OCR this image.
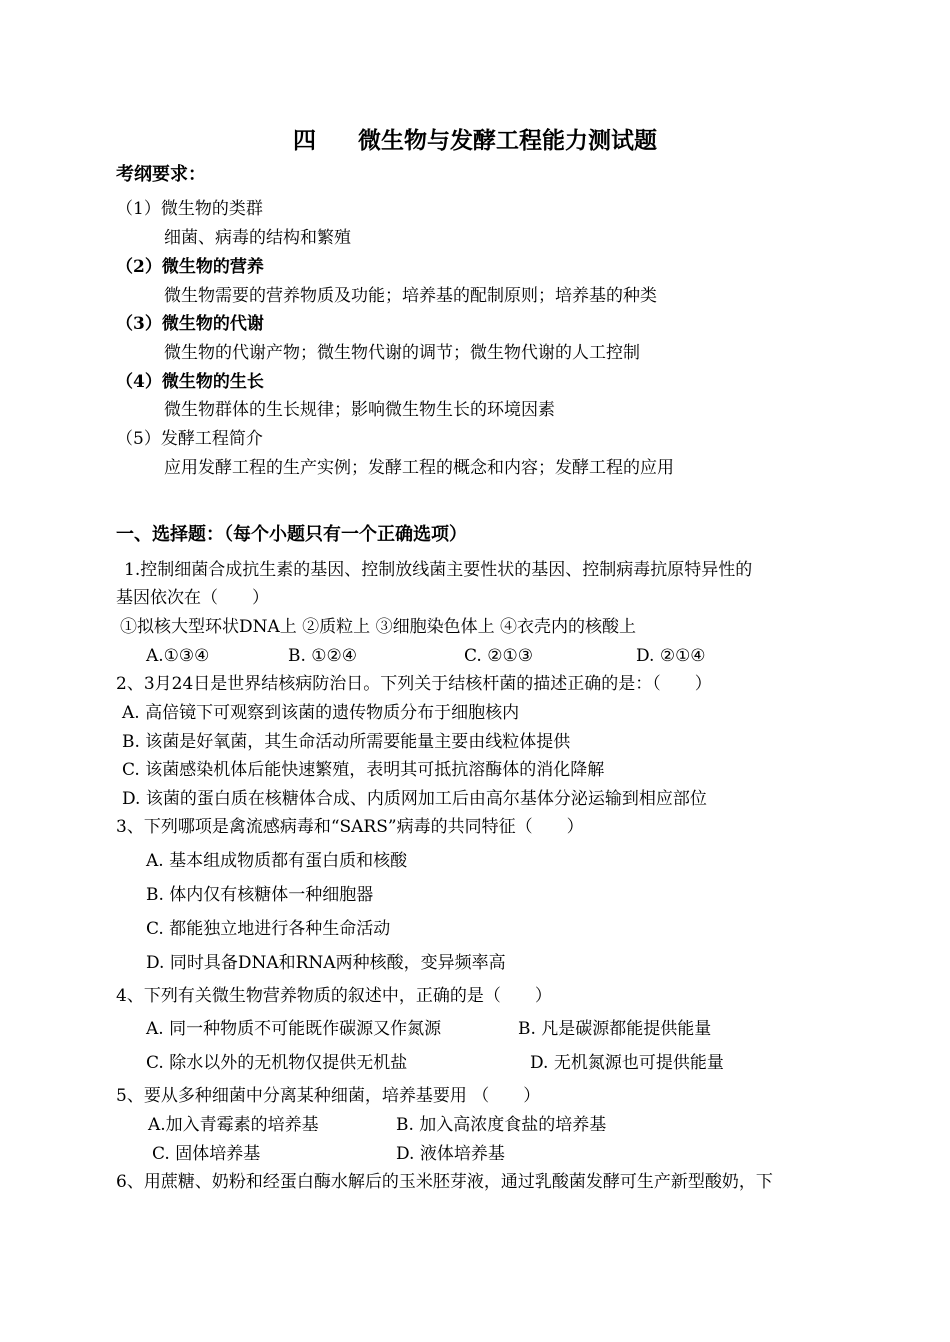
四 微生物与发酵工程能力测试题
考纲要求：
（1）微生物的类群
细菌、病毒的结构和繁殖
（2）微生物的营养
微生物需要的营养物质及功能；培养基的配制原则；培养基的种类
（3）微生物的代谢
微生物的代谢产物；微生物代谢的调节；微生物代谢的人工控制
（4）微生物的生长
微生物群体的生长规律；影响微生物生长的环境因素
（5）发酵工程简介
应用发酵工程的生产实例；发酵工程的概念和内容；发酵工程的应用
一、选择题：（每个小题只有一个正确选项）
1.控制细菌合成抗生素的基因、控制放线菌主要性状的基因、控制病毒抗原特异性的
基因依次在（　　）
①拟核大型环状DNA上 ②质粒上 ③细胞染色体上 ④衣壳内的核酸上
A.①③④	B. ①②④	C. ②①③	D. ②①④
2、3月24日是世界结核病防治日。下列关于结核杆菌的描述正确的是：（　　）
A. 高倍镜下可观察到该菌的遗传物质分布于细胞核内
B. 该菌是好氧菌，其生命活动所需要能量主要由线粒体提供
C. 该菌感染机体后能快速繁殖，表明其可抵抗溶酶体的消化降解
D. 该菌的蛋白质在核糖体合成、内质网加工后由高尔基体分泌运输到相应部位
3、下列哪项是禽流感病毒和“SARS”病毒的共同特征（　　）
A. 基本组成物质都有蛋白质和核酸
B. 体内仅有核糖体一种细胞器
C. 都能独立地进行各种生命活动
D. 同时具备DNA和RNA两种核酸，变异频率高
4、下列有关微生物营养物质的叙述中，正确的是（　　）
A. 同一种物质不可能既作碳源又作氮源	B. 凡是碳源都能提供能量
C. 除水以外的无机物仅提供无机盐	D. 无机氮源也可提供能量
5、要从多种细菌中分离某种细菌，培养基要用 （　　）
A.加入青霉素的培养基	B. 加入高浓度食盐的培养基
C. 固体培养基	D. 液体培养基
6、用蔗糖、奶粉和经蛋白酶水解后的玉米胚芽液，通过乳酸菌发酵可生产新型酸奶，下
